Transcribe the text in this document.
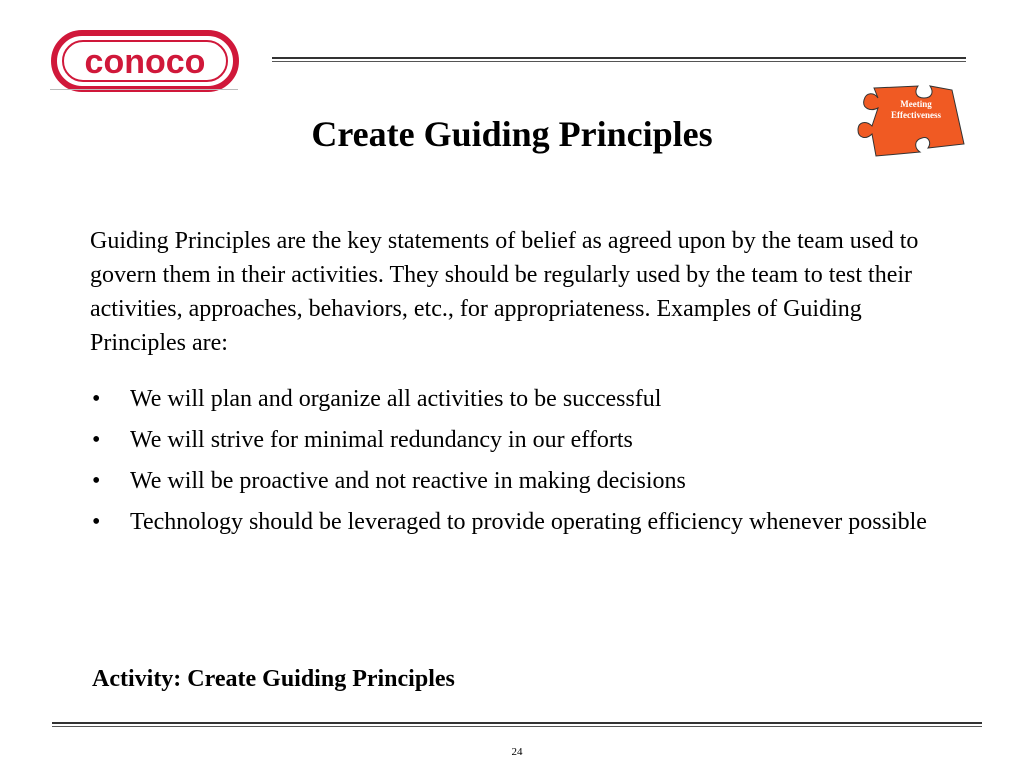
conoco
Meeting Effectiveness
Create Guiding Principles

Guiding Principles are the key statements of belief as agreed upon by the team used to govern them in their activities. They should be regularly used by the team to test their activities, approaches, behaviors, etc., for appropriateness. Examples of Guiding Principles are:

• We will plan and organize all activities to be successful
• We will strive for minimal redundancy in our efforts
• We will be proactive and not reactive in making decisions
• Technology should be leveraged to provide operating efficiency whenever possible

Activity: Create Guiding Principles

24
